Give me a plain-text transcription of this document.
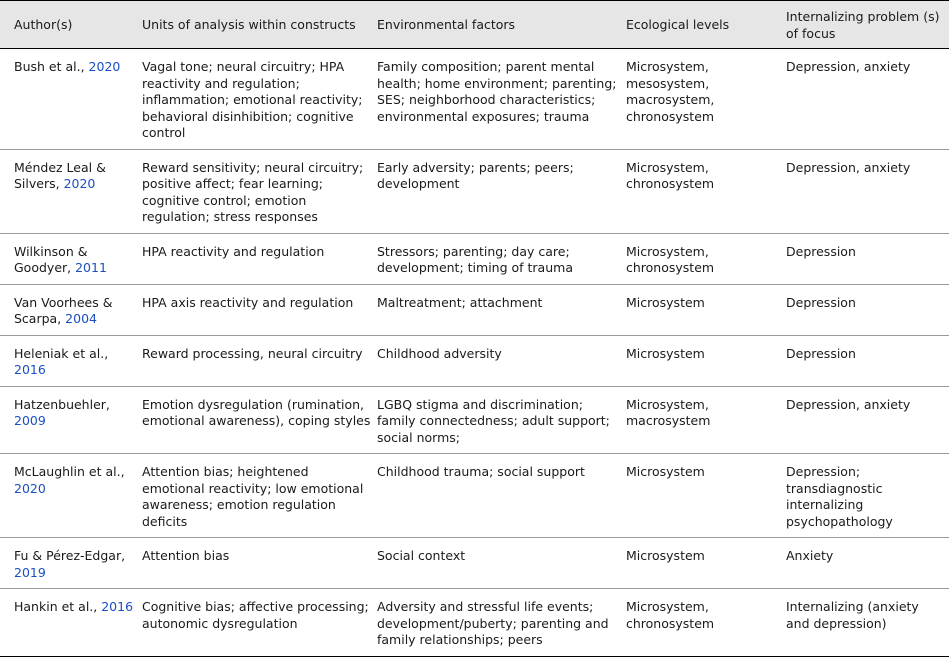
Author(s)	Units of analysis within constructs	Environmental factors	Ecological levels	Internalizing problem (s) of focus
Bush et al., 2020	Vagal tone; neural circuitry; HPA reactivity and regulation; inflammation; emotional reactivity; behavioral disinhibition; cognitive control	Family composition; parent mental health; home environment; parenting; SES; neighborhood characteristics; environmental exposures; trauma	Microsystem, mesosystem, macrosystem, chronosystem	Depression, anxiety
Méndez Leal & Silvers, 2020	Reward sensitivity; neural circuitry; positive affect; fear learning; cognitive control; emotion regulation; stress responses	Early adversity; parents; peers; development	Microsystem, chronosystem	Depression, anxiety
Wilkinson & Goodyer, 2011	HPA reactivity and regulation	Stressors; parenting; day care; development; timing of trauma	Microsystem, chronosystem	Depression
Van Voorhees & Scarpa, 2004	HPA axis reactivity and regulation	Maltreatment; attachment	Microsystem	Depression
Heleniak et al., 2016	Reward processing, neural circuitry	Childhood adversity	Microsystem	Depression
Hatzenbuehler, 2009	Emotion dysregulation (rumination, emotional awareness), coping styles	LGBQ stigma and discrimination; family connectedness; adult support; social norms;	Microsystem, macrosystem	Depression, anxiety
McLaughlin et al., 2020	Attention bias; heightened emotional reactivity; low emotional awareness; emotion regulation deficits	Childhood trauma; social support	Microsystem	Depression; transdiagnostic internalizing psychopathology
Fu & Pérez-Edgar, 2019	Attention bias	Social context	Microsystem	Anxiety
Hankin et al., 2016	Cognitive bias; affective processing; autonomic dysregulation	Adversity and stressful life events; development/puberty; parenting and family relationships; peers	Microsystem, chronosystem	Internalizing (anxiety and depression)
